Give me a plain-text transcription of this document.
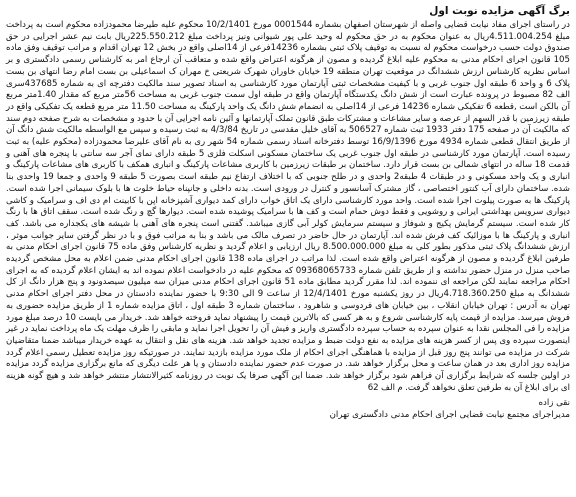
برگ آگهی مزایده نوبت اول

در راستای اجرای مفاد نیابت قضایی واصله از شهرستان اصفهان بشماره 0001544 مورخ 10/2/1401 محکوم علیه طیرضا محمودزاده محکوم است به پرداخت مبلغ 4.511.004.254ریال به عنوان محکوم به در حق محکوم له وحید علی پور شیوانی ونیز پرداخت مبلغ 225.550.212ریال بابت نیم عشر اجرایی در حق صندوق دولت حسب درخواست محکوم له نسبت به توقیف پلاک ثبتی بشماره 14236فرعی از 14اصلی واقع در بخش 12 تهران اقدام و مراتب توقیف وفق ماده 105 قانون اجرای احکام مدنی به محکوم علیه ابلاغ گردیده و مصون از هرگونه اعتراض واقع شده و متعاقب آن ارجاع امر به کارشناس رسمی دادگستری و بر اساس نظریه کارشناس ارزش ششدانگ در موقعیت تهران منطقه 19 خیابان خاوران شهرک شریعتی خ مهران ک اسماعیلی بن بست امام رضا انتهای بن بست پلاک 6 و واحد 6 طبقه اول جنوب غربی و با کیفیت مشخصات ثبتی آپارتمان مورد کارشناسی به اسناد تصویر سند مالکیت دفترچه ای به شماره 437685سری الف 82 مصبوط در پرونده عبارت است از شش دانگ یکدستگاه آپارتمان واقع در طبقه اول سمت جنوب غربی به مساحت 56متر مربع که مقدار 1.40متر مربع آن بالکن است ,قطعه 6 تفکیکی شماره 14236 فرعی از 14اصلی به انضمام شش دانگ یک واحد پارکینگ به مساحت 11.50 متر مربع قطعه یک تفکیکی واقع در طبقه زیرزمین با قدر السهم از عرصه و سایر مشاعات و مشترکات طبق قانون تملک آپارتمانها و آئین نامه اجرایی آن با حدود و مشخصات به شرح صفحه دوم سند که مالکیت آن در صفحه 175 دفتر 1933 ثبت شماره 506527 به آقای خلیل مقدسی در تاریخ 4/3/84 به ثبت رسیده و سپس مع الواسطه مالکیت شش دانگ آن از طریق انتقال قطعی شماره 4934 مورخ 16/9/1396 توسط دفترخانه اسناد رسمی شماره 54 شهر ری به نام آقای علیرضا محمودزاده (محکوم علیه) به ثبت رسیده است. آپارتمان مورد کارشناسی در طبقه اول جنوب غربی یک ساختمان مسکونی اسکلت فلزی 5 طبقه دارای نمای آجر سه سانتی با پنجره های آهنی و قدمت 18 ساله در انتهای شمالی بن بست قرار دارد. ساختمان بر طبقات زیرزمین با کاربری مشاعات پارکینگ و انباری همکف با کاربری های مشاعات پارکینگ و انباری و یک واحد مسکونی و در طبقات 4 طبقه2 واحدی و در طلح جنوبی که با اختلاف ارتفاع نیم طبقه است بصورت 5 طبقه 9 واحدی و جمعا 19 واحدی بنا شده. ساختمان دارای آب کنتور اختصاصی ، گاز مشترک آسانسور و کنترل در ورودی است. بدنه داخلی و جانپناه حیاط خلوت ها با بلوک سیمانی اجرا شده است. پارکینگ ها به صورت پیلوت اجرا شده است. واحد مورد کارشناسی دارای یک اتاق خواب دارای کمد دیواری آشپزخانه اپن با کابینت ام دی اف و سرامیک و کاشی دیواری سرویس بهداشتی ایرانی و روشویی و فقط دوش حمام است و کف ها با سرامیک پوشیده شده است. دیوارها گچ و رنگ شده است. سقف اتاق ها با رنگ کار شده است. سیستم گرمایش پکیج و شوفاژ و سیستم سرمایش کولر آبی گازی میباشد. گفتنی است پنجره های آهنی با شیشه های یکجداره می باشد. کف انباری و پارکینگ ها با موزائیک کف فرش شده اند. آپارتمان در حال حاضر در تصرف مالک می باشد و بنا به مراتب فوق و با در نظر گرفتن سایر جوانب موثر ، ارزش ششدانگ پلاک ثبتی مذکور بطور کلی به مبلغ 8.500.000.000 ریال ارزیابی و اعلام گردید و نظریه کارشناس وفق ماده 75 قانون اجرای احکام مدنی به طرفین ابلاغ گردیده و مصون از هرگونه اعتراض واقع شده است. لذا مراتب در اجرای ماده 138 قانون اجرای احکام مدنی ضمن اعلام به محل مشخص گردیده صاحب منزل در منزل حضور نداشته و از طریق تلفن شماره 09368065733 که محکوم علیه در دادخواست اعلام نموده اند به ایشان اعلام گردیده که به اجرای احکام مراجعه نمایند لکن مراجعه ای ننموده اند. لذا مقرر گردید مطابق ماده 51 قانون اجرای احکام مدنی میزان سه میلیون سیصدونود و پنج هزار دانگ از کل ششدانگ به مبلغ 4.718.360.250ریال در روز یکشنبه مورخ 12/4/1401 از ساعت 9 الی 9:30 با حضور نماینده دادستان در محل دفتر اجرای احکام مدنی تهران به آدرس : تهران خیابان انقلاب ، بین خیابان های فردوسی و شاهرود ، ساختمان شماره 3 طبقه اول ، اتاق مزایده شماره 1 از طریق مزایده حضوری به فروش میرسد. مزایده از قیمت پایه کارشناسی شروع و به هر کسی که بالاترین قیمت را پیشنهاد نماید فروخته خواهد شد. خریدار می بایست 10 درصد مبلغ مورد مزایده را فی المجلس نقدا به عنوان سپرده به حساب سپرده دادگستری واریز و فیش آن را تحویل اجرا نماید و مابقی را ظرف مهلت یک ماه پرداخت نماید در غیر اینصورت سپرده وی پس از کسر هزینه های مزایده به نفع دولت ضبط و مزایده تجدید خواهد شد. هزینه های نقل و انتقال به عهده خریدار میباشد ضمنا متقاضیان شرکت در مزایده می توانند پنج روز قبل از مزایده با هماهنگی اجرای احکام از ملک مورد مزایده بازدید نمایند. در صورتیکه روز مزایده تعطیل رسمی اعلام گردد مزایده روز اداری بعد در همان ساعت و محل برگزار خواهد شد. در صورت عدم حضور نماینده دادستان و یا هر علت دیگری که مانع برگزاری مزایده گردد مزایده در اولین جلسه که شرایط برگزاری آن فراهم شود برگزار خواهد شد. ضمنا این آگهی صرفا یک نوبت در روزنامه کثیرالانتشار منتشر خواهد شد و هیچ گونه هزینه ای برای ابلاغ آن به طرفین تعلق نخواهد گرفت. م الف 62

نقی زاده

مدیراجرای مجتمع نیابت قضایی اجرای احکام مدنی دادگستری تهران
